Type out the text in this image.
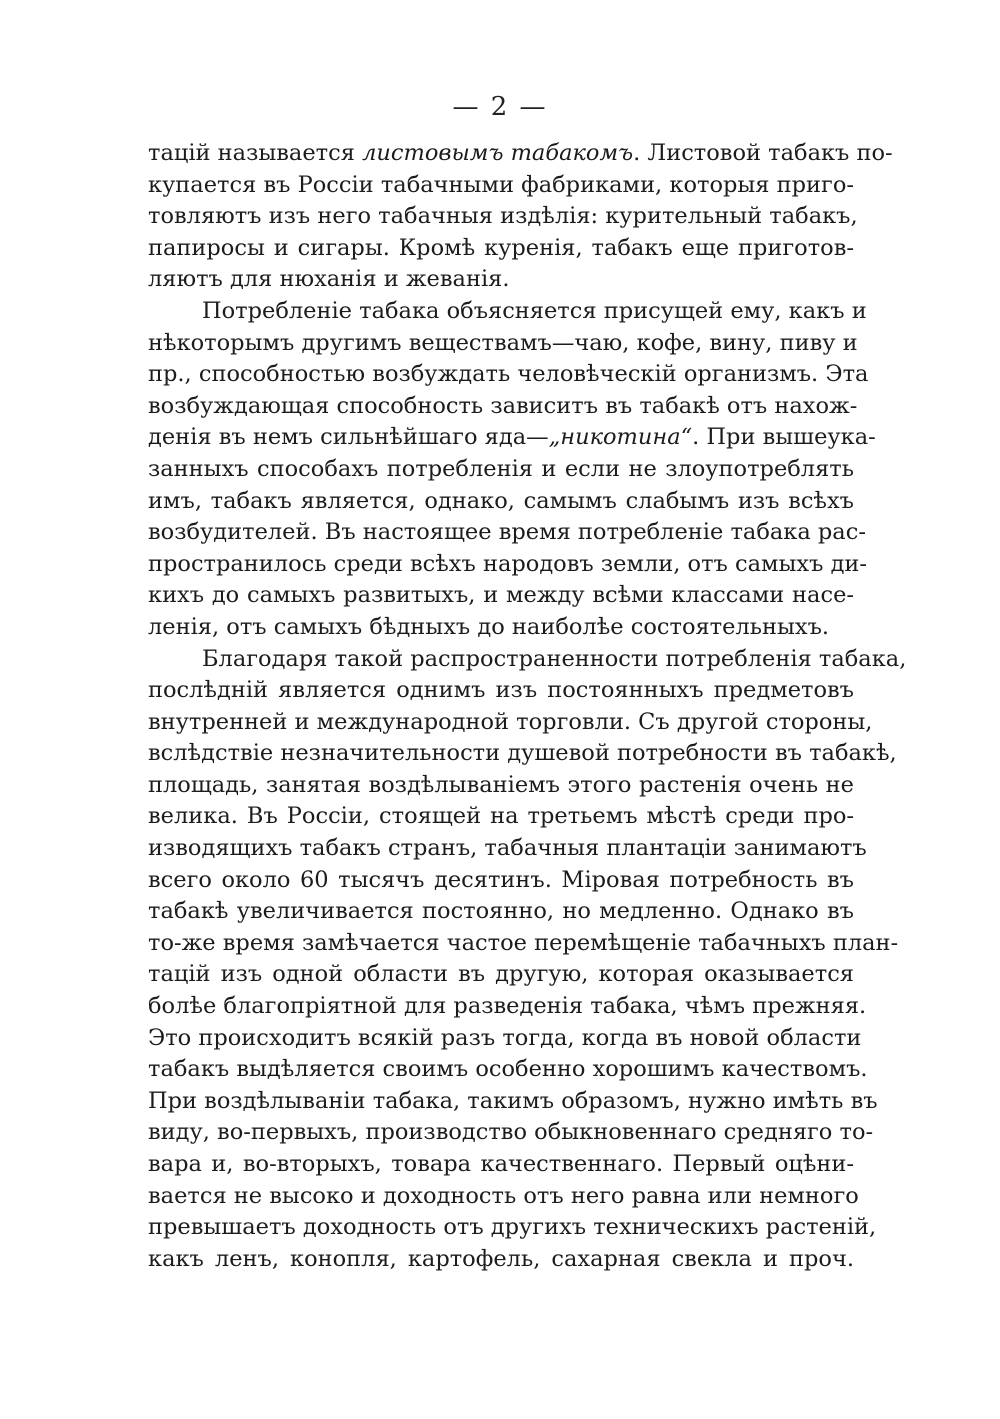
— 2 —
тацій называется листовымъ табакомъ. Листовой табакъ по-
купается въ Россіи табачными фабриками, которыя приго-
товляютъ изъ него табачныя издѣлія: курительный табакъ,
папиросы и сигары. Кромѣ куренія, табакъ еще приготов-
ляютъ для нюханія и жеванія.
Потребленіе табака объясняется присущей ему, какъ и
нѣкоторымъ другимъ веществамъ—чаю, кофе, вину, пиву и
пр., способностью возбуждать человѣческій организмъ. Эта
возбуждающая способность зависитъ въ табакѣ отъ нахож-
денія въ немъ сильнѣйшаго яда—„никотина“. При вышеука-
занныхъ способахъ потребленія и если не злоупотреблять
имъ, табакъ является, однако, самымъ слабымъ изъ всѣхъ
возбудителей. Въ настоящее время потребленіе табака рас-
пространилось среди всѣхъ народовъ земли, отъ самыхъ ди-
кихъ до самыхъ развитыхъ, и между всѣми классами насе-
ленія, отъ самыхъ бѣдныхъ до наиболѣе состоятельныхъ.
Благодаря такой распространенности потребленія табака,
послѣдній является однимъ изъ постоянныхъ предметовъ
внутренней и международной торговли. Съ другой стороны,
вслѣдствіе незначительности душевой потребности въ табакѣ,
площадь, занятая воздѣлываніемъ этого растенія очень не
велика. Въ Россіи, стоящей на третьемъ мѣстѣ среди про-
изводящихъ табакъ странъ, табачныя плантаціи занимаютъ
всего около 60 тысячъ десятинъ. Міровая потребность въ
табакѣ увеличивается постоянно, но медленно. Однако въ
то-же время замѣчается частое перемѣщеніе табачныхъ план-
тацій изъ одной области въ другую, которая оказывается
болѣе благопріятной для разведенія табака, чѣмъ прежняя.
Это происходитъ всякій разъ тогда, когда въ новой области
табакъ выдѣляется своимъ особенно хорошимъ качествомъ.
При воздѣлываніи табака, такимъ образомъ, нужно имѣть въ
виду, во-первыхъ, производство обыкновеннаго средняго то-
вара и, во-вторыхъ, товара качественнаго. Первый оцѣни-
вается не высоко и доходность отъ него равна или немного
превышаетъ доходность отъ другихъ техническихъ растеній,
какъ ленъ, конопля, картофель, сахарная свекла и проч.
